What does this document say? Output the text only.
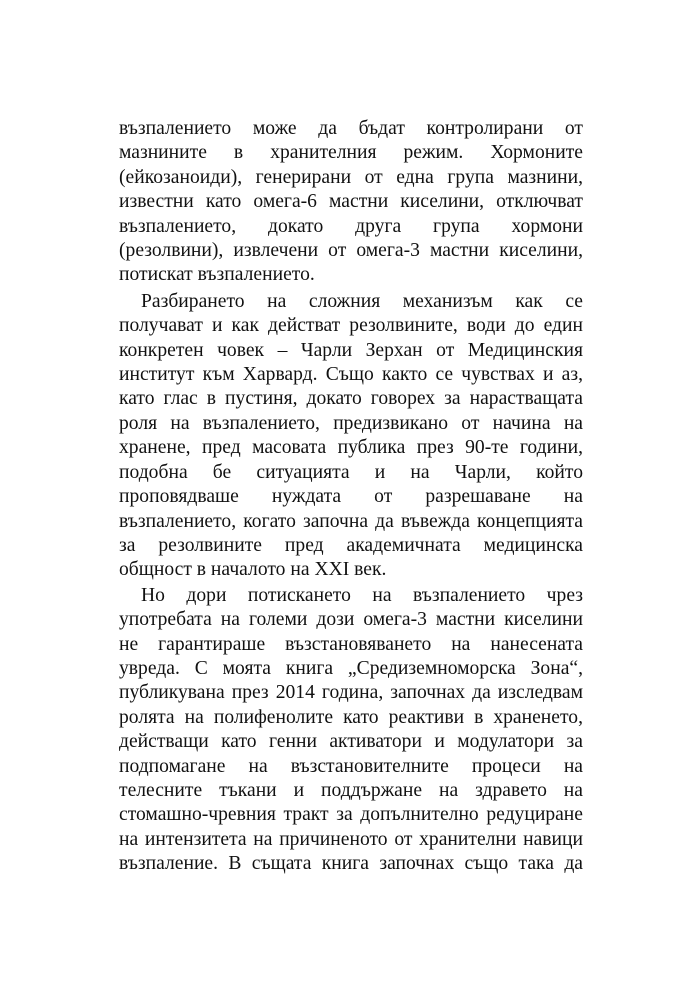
възпалението може да бъдат контролирани от
мазнините в хранителния режим. Хормоните
(ейкозаноиди), генерирани от една група мазнини,
известни като омега-6 мастни киселини, отключват
възпалението, докато друга група хормони
(резолвини), извлечени от омега-3 мастни киселини,
потискат възпалението.
Разбирането на сложния механизъм как се
получават и как действат резолвините, води до един
конкретен човек – Чарли Зерхан от Медицинския
институт към Харвард. Също както се чувствах и аз,
като глас в пустиня, докато говорех за нарастващата
роля на възпалението, предизвикано от начина на
хранене, пред масовата публика през 90-те години,
подобна бе ситуацията и на Чарли, който
проповядваше нуждата от разрешаване на
възпалението, когато започна да въвежда концепцията
за резолвините пред академичната медицинска
общност в началото на XXI век.
Но дори потискането на възпалението чрез
употребата на големи дози омега-3 мастни киселини
не гарантираше възстановяването на нанесената
увреда. С моята книга „Средиземноморска Зона“,
публикувана през 2014 година, започнах да изследвам
ролята на полифенолите като реактиви в храненето,
действащи като генни активатори и модулатори за
подпомагане на възстановителните процеси на
телесните тъкани и поддържане на здравето на
стомашно-чревния тракт за допълнително редуциране
на интензитета на причиненото от хранителни навици
възпаление. В същата книга започнах също така да
